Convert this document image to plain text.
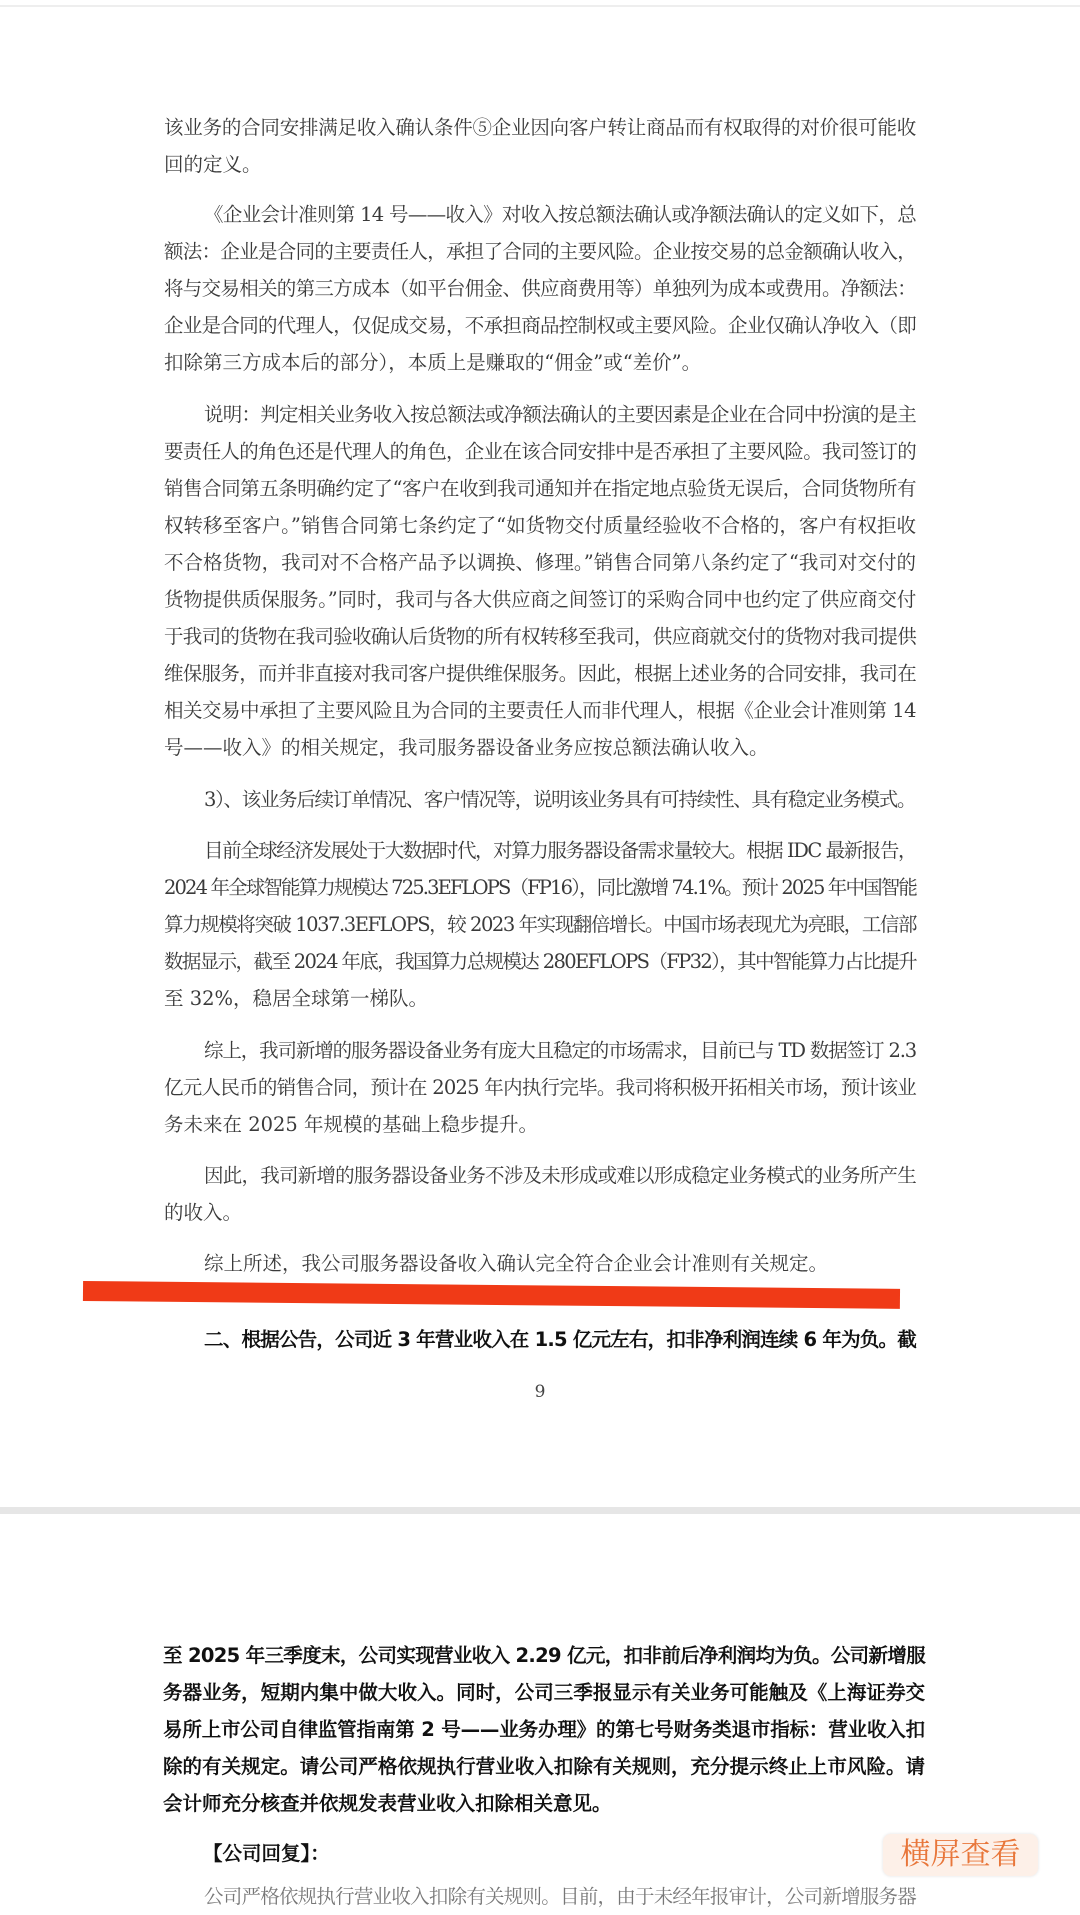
该业务的合同安排满足收入确认条件⑤企业因向客户转让商品而有权取得的对价很可能收
回的定义。
《企业会计准则第 14 号——收入》对收入按总额法确认或净额法确认的定义如下，总
额法：企业是合同的主要责任人，承担了合同的主要风险。企业按交易的总金额确认收入，
将与交易相关的第三方成本（如平台佣金、供应商费用等）单独列为成本或费用。净额法：
企业是合同的代理人，仅促成交易，不承担商品控制权或主要风险。企业仅确认净收入（即
扣除第三方成本后的部分），本质上是赚取的“佣金”或“差价”。
说明：判定相关业务收入按总额法或净额法确认的主要因素是企业在合同中扮演的是主
要责任人的角色还是代理人的角色，企业在该合同安排中是否承担了主要风险。我司签订的
销售合同第五条明确约定了“客户在收到我司通知并在指定地点验货无误后，合同货物所有
权转移至客户。”销售合同第七条约定了“如货物交付质量经验收不合格的，客户有权拒收
不合格货物，我司对不合格产品予以调换、修理。”销售合同第八条约定了“我司对交付的
货物提供质保服务。”同时，我司与各大供应商之间签订的采购合同中也约定了供应商交付
于我司的货物在我司验收确认后货物的所有权转移至我司，供应商就交付的货物对我司提供
维保服务，而并非直接对我司客户提供维保服务。因此，根据上述业务的合同安排，我司在
相关交易中承担了主要风险且为合同的主要责任人而非代理人，根据《企业会计准则第 14
号——收入》的相关规定，我司服务器设备业务应按总额法确认收入。
3）、该业务后续订单情况、客户情况等，说明该业务具有可持续性、具有稳定业务模式。
目前全球经济发展处于大数据时代，对算力服务器设备需求量较大。根据 IDC 最新报告，
2024 年全球智能算力规模达 725.3EFLOPS（FP16），同比激增 74.1%。预计 2025 年中国智能
算力规模将突破 1037.3EFLOPS，较 2023 年实现翻倍增长。中国市场表现尤为亮眼，工信部
数据显示，截至 2024 年底，我国算力总规模达 280EFLOPS（FP32），其中智能算力占比提升
至 32%，稳居全球第一梯队。
综上，我司新增的服务器设备业务有庞大且稳定的市场需求，目前已与 TD 数据签订 2.3
亿元人民币的销售合同，预计在 2025 年内执行完毕。我司将积极开拓相关市场，预计该业
务未来在 2025 年规模的基础上稳步提升。
因此，我司新增的服务器设备业务不涉及未形成或难以形成稳定业务模式的业务所产生
的收入。
综上所述，我公司服务器设备收入确认完全符合企业会计准则有关规定。
二、根据公告，公司近 3 年营业收入在 1.5 亿元左右，扣非净利润连续 6 年为负。截
9
至 2025 年三季度末，公司实现营业收入 2.29 亿元，扣非前后净利润均为负。公司新增服
务器业务，短期内集中做大收入。同时，公司三季报显示有关业务可能触及《上海证券交
易所上市公司自律监管指南第 2 号——业务办理》的第七号财务类退市指标：营业收入扣
除的有关规定。请公司严格依规执行营业收入扣除有关规则，充分提示终止上市风险。请
会计师充分核查并依规发表营业收入扣除相关意见。
【公司回复】：
公司严格依规执行营业收入扣除有关规则。目前，由于未经年报审计，公司新增服务器
横屏查看
